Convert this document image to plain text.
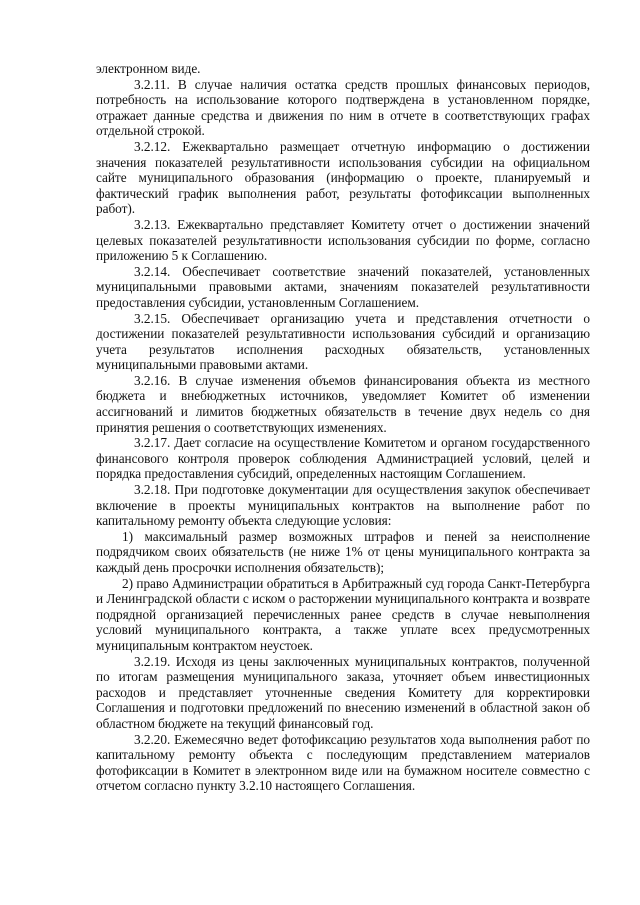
электронном виде.

3.2.11. В случае наличия остатка средств прошлых финансовых периодов, потребность на использование которого подтверждена в установленном порядке, отражает данные средства и движения по ним в отчете в соответствующих графах отдельной строкой.

3.2.12. Ежеквартально размещает отчетную информацию о достижении значения показателей результативности использования субсидии на официальном сайте муниципального образования (информацию о проекте, планируемый и фактический график выполнения работ, результаты фотофиксации выполненных работ).

3.2.13. Ежеквартально представляет Комитету отчет о достижении значений целевых показателей результативности использования субсидии по форме, согласно приложению 5 к Соглашению.

3.2.14. Обеспечивает соответствие значений показателей, установленных муниципальными правовыми актами, значениям показателей результативности предоставления субсидии, установленным Соглашением.

3.2.15. Обеспечивает организацию учета и представления отчетности о достижении показателей результативности использования субсидий и организацию учета результатов исполнения расходных обязательств, установленных муниципальными правовыми актами.

3.2.16. В случае изменения объемов финансирования объекта из местного бюджета и внебюджетных источников, уведомляет Комитет об изменении ассигнований и лимитов бюджетных обязательств в течение двух недель со дня принятия решения о соответствующих изменениях.

3.2.17. Дает согласие на осуществление Комитетом и органом государственного финансового контроля проверок соблюдения Администрацией условий, целей и порядка предоставления субсидий, определенных настоящим Соглашением.

3.2.18. При подготовке документации для осуществления закупок обеспечивает включение в проекты муниципальных контрактов на выполнение работ по капитальному ремонту объекта следующие условия:

1) максимальный размер возможных штрафов и пеней за неисполнение подрядчиком своих обязательств (не ниже 1% от цены муниципального контракта за каждый день просрочки исполнения обязательств);

2) право Администрации обратиться в Арбитражный суд города Санкт-Петербурга и Ленинградской области с иском о расторжении муниципального контракта и возврате подрядной организацией перечисленных ранее средств в случае невыполнения условий муниципального контракта, а также уплате всех предусмотренных муниципальным контрактом неустоек.

3.2.19. Исходя из цены заключенных муниципальных контрактов, полученной по итогам размещения муниципального заказа, уточняет объем инвестиционных расходов и представляет уточненные сведения Комитету для корректировки Соглашения и подготовки предложений по внесению изменений в областной закон об областном бюджете на текущий финансовый год.

3.2.20. Ежемесячно ведет фотофиксацию результатов хода выполнения работ по капитальному ремонту объекта с последующим представлением материалов фотофиксации в Комитет в электронном виде или на бумажном носителе совместно с отчетом согласно пункту 3.2.10 настоящего Соглашения.
